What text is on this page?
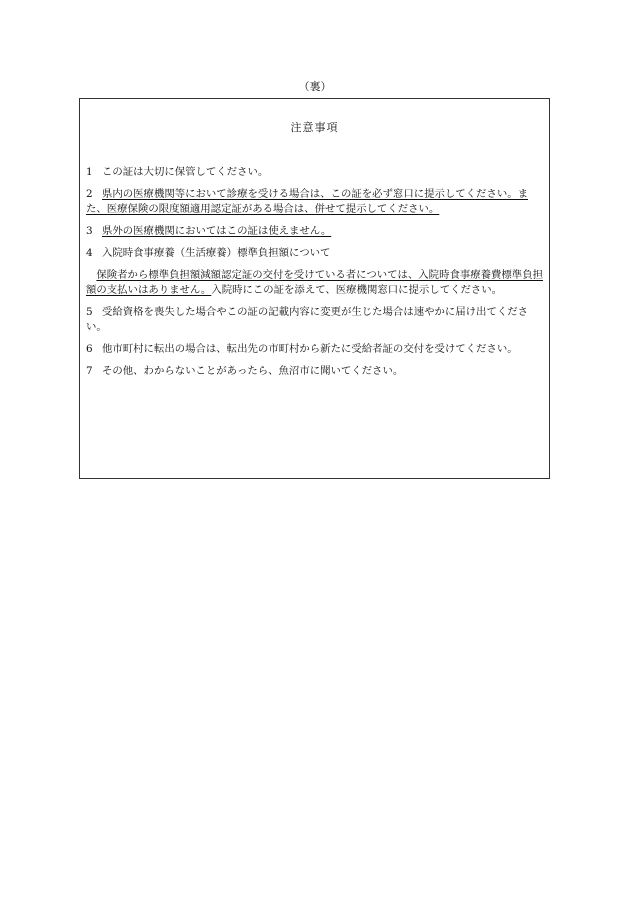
（裏）
注意事項

1 この証は大切に保管してください。

2 県内の医療機関等において診療を受ける場合は、この証を必ず窓口に提示してください。また、医療保険の限度額適用認定証がある場合は、併せて提示してください。

3 県外の医療機関においてはこの証は使えません。

4 入院時食事療養（生活療養）標準負担額について

保険者から標準負担額減額認定証の交付を受けている者については、入院時食事療養費標準負担額の支払いはありません。入院時にこの証を添えて、医療機関窓口に提示してください。

5 受給資格を喪失した場合やこの証の記載内容に変更が生じた場合は速やかに届け出てください。

6 他市町村に転出の場合は、転出先の市町村から新たに受給者証の交付を受けてください。

7 その他、わからないことがあったら、魚沼市に聞いてください。
